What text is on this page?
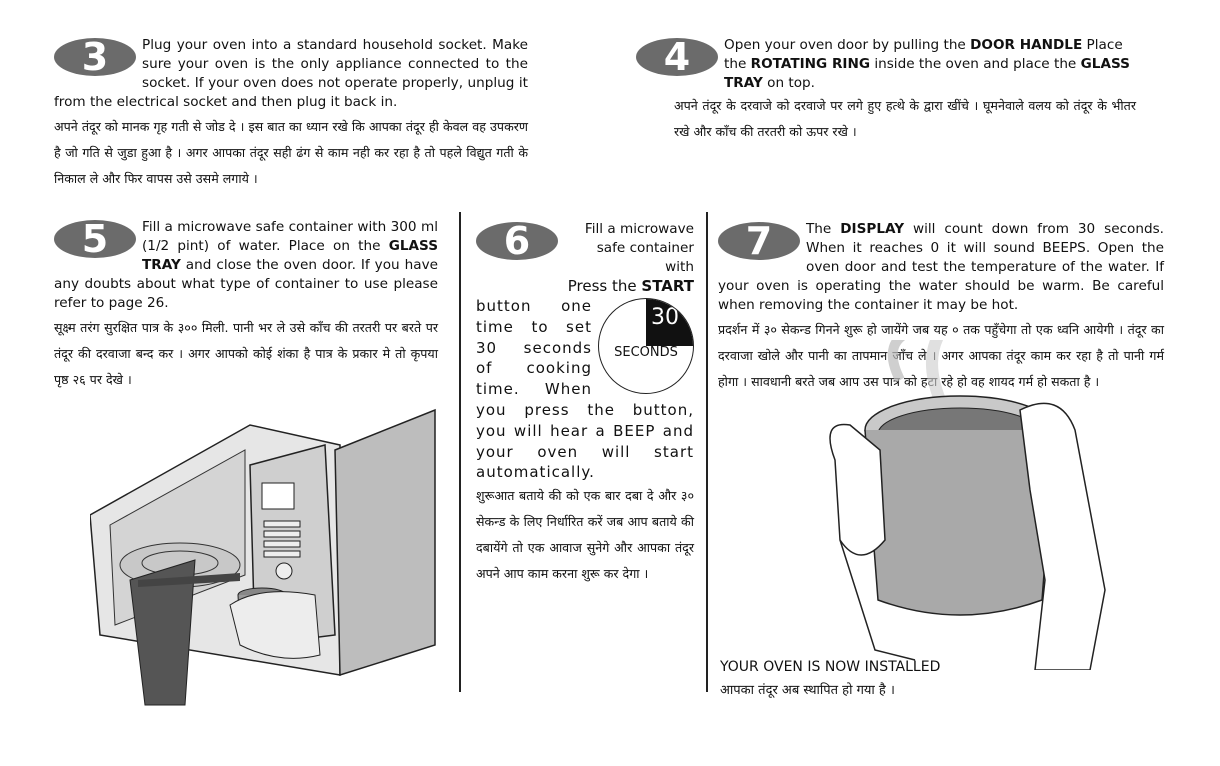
3	Plug your oven into a standard household socket. Make sure your oven is the only appliance connected to the socket. If your oven does not operate properly, unplug it from the electrical socket and then plug it back in.
अपने तंदूर को मानक गृह गती से जोड दे । इस बात का ध्यान रखे कि आपका तंदूर ही केवल वह उपकरण है जो गति से जुडा हुआ है । अगर आपका तंदूर सही ढंग से काम नही कर रहा है तो पहले विद्युत गती के निकाल ले और फिर वापस उसे उसमे लगाये ।
4	Open your oven door by pulling the DOOR HANDLE Place the ROTATING RING inside the oven and place the GLASS TRAY on top.
अपने तंदूर के दरवाजे को दरवाजे पर लगे हुए हत्थे के द्वारा खींचे । घूमनेवाले वलय को तंदूर के भीतर रखे और काँच की तरतरी को ऊपर रखे ।
5	Fill a microwave safe container with 300 ml (1/2 pint) of water. Place on the GLASS TRAY and close the oven door. If you have any doubts about what type of container to use please refer to page 26.
सूक्ष्म तरंग सुरक्षित पात्र के ३०० मिली. पानी भर ले उसे काँच की तरतरी पर बरते पर तंदूर की दरवाजा बन्द कर । अगर आपको कोई शंका है पात्र के प्रकार मे तो कृपया पृष्ठ २६ पर देखे ।
6	Fill a microwave safe container with
Press the START
30
SECONDS
button one time to set 30 seconds of cooking time. When you press the button, you will hear a BEEP and your oven will start automatically.
शुरूआत बताये की को एक बार दबा दे और ३० सेकन्ड के लिए निर्धारित करें जब आप बताये की दबायेंगे तो एक आवाज सुनेगे और आपका तंदूर अपने आप काम करना शुरू कर देगा ।
7	The DISPLAY will count down from 30 seconds. When it reaches 0 it will sound BEEPS. Open the oven door and test the temperature of the water. If your oven is operating the water should be warm. Be careful when removing the container it may be hot.
प्रदर्शन में ३० सेकन्ड गिनने शुरू हो जायेंगे जब यह ० तक पहुँचेगा तो एक ध्वनि आयेगी । तंदूर का दरवाजा खोले और पानी का तापमान जाँच ले । अगर आपका तंदूर काम कर रहा है तो पानी गर्म होगा । सावधानी बरते जब आप उस पात्र को हटा रहे हो वह शायद गर्म हो सकता है ।
YOUR OVEN IS NOW INSTALLED
आपका तंदूर अब स्थापित हो गया है ।
